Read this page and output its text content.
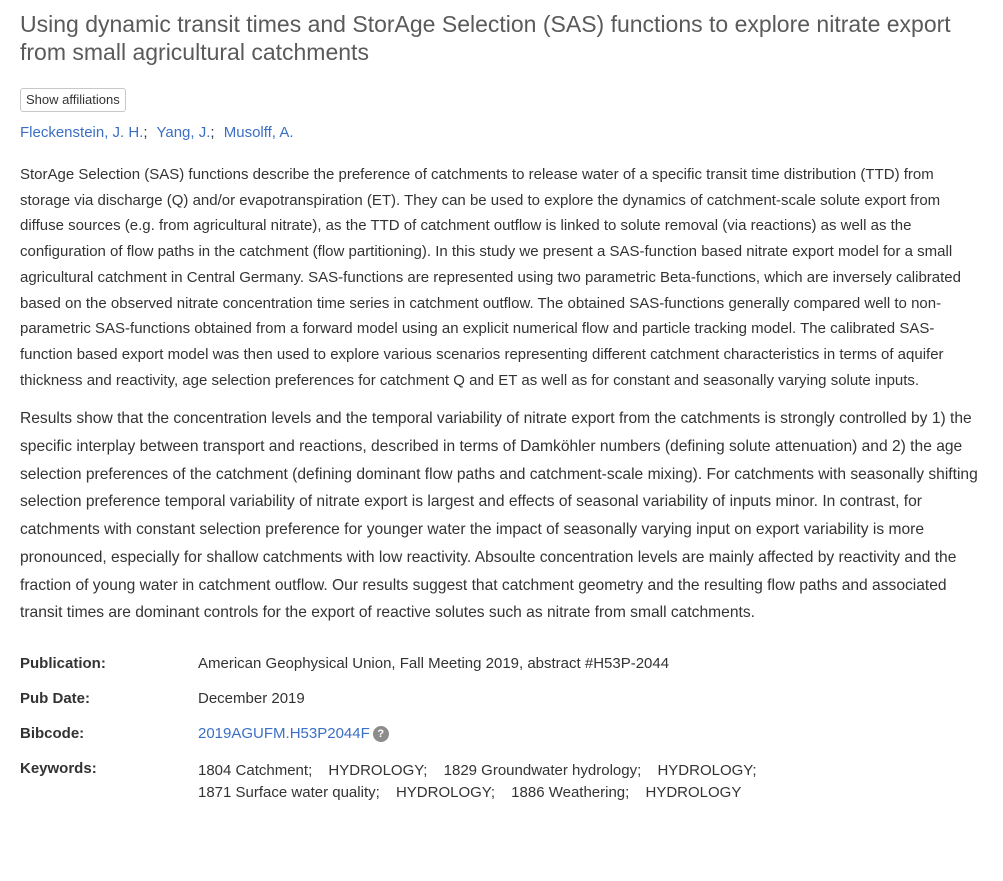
Using dynamic transit times and StorAge Selection (SAS) functions to explore nitrate export from small agricultural catchments
Show affiliations
Fleckenstein, J. H.; Yang, J.; Musolff, A.

StorAge Selection (SAS) functions describe the preference of catchments to release water of a specific transit time distribution (TTD) from storage via discharge (Q) and/or evapotranspiration (ET). They can be used to explore the dynamics of catchment-scale solute export from diffuse sources (e.g. from agricultural nitrate), as the TTD of catchment outflow is linked to solute removal (via reactions) as well as the configuration of flow paths in the catchment (flow partitioning). In this study we present a SAS-function based nitrate export model for a small agricultural catchment in Central Germany. SAS-functions are represented using two parametric Beta-functions, which are inversely calibrated based on the observed nitrate concentration time series in catchment outflow. The obtained SAS-functions generally compared well to non-parametric SAS-functions obtained from a forward model using an explicit numerical flow and particle tracking model. The calibrated SAS-function based export model was then used to explore various scenarios representing different catchment characteristics in terms of aquifer thickness and reactivity, age selection preferences for catchment Q and ET as well as for constant and seasonally varying solute inputs.

Results show that the concentration levels and the temporal variability of nitrate export from the catchments is strongly controlled by 1) the specific interplay between transport and reactions, described in terms of Damköhler numbers (defining solute attenuation) and 2) the age selection preferences of the catchment (defining dominant flow paths and catchment-scale mixing). For catchments with seasonally shifting selection preference temporal variability of nitrate export is largest and effects of seasonal variability of inputs minor. In contrast, for catchments with constant selection preference for younger water the impact of seasonally varying input on export variability is more pronounced, especially for shallow catchments with low reactivity. Absoulte concentration levels are mainly affected by reactivity and the fraction of young water in catchment outflow. Our results suggest that catchment geometry and the resulting flow paths and associated transit times are dominant controls for the export of reactive solutes such as nitrate from small catchments.

Publication:	American Geophysical Union, Fall Meeting 2019, abstract #H53P-2044
Pub Date:	December 2019
Bibcode:	2019AGUFM.H53P2044F ?
Keywords:	1804 Catchment; HYDROLOGY; 1829 Groundwater hydrology; HYDROLOGY;
1871 Surface water quality; HYDROLOGY; 1886 Weathering; HYDROLOGY
